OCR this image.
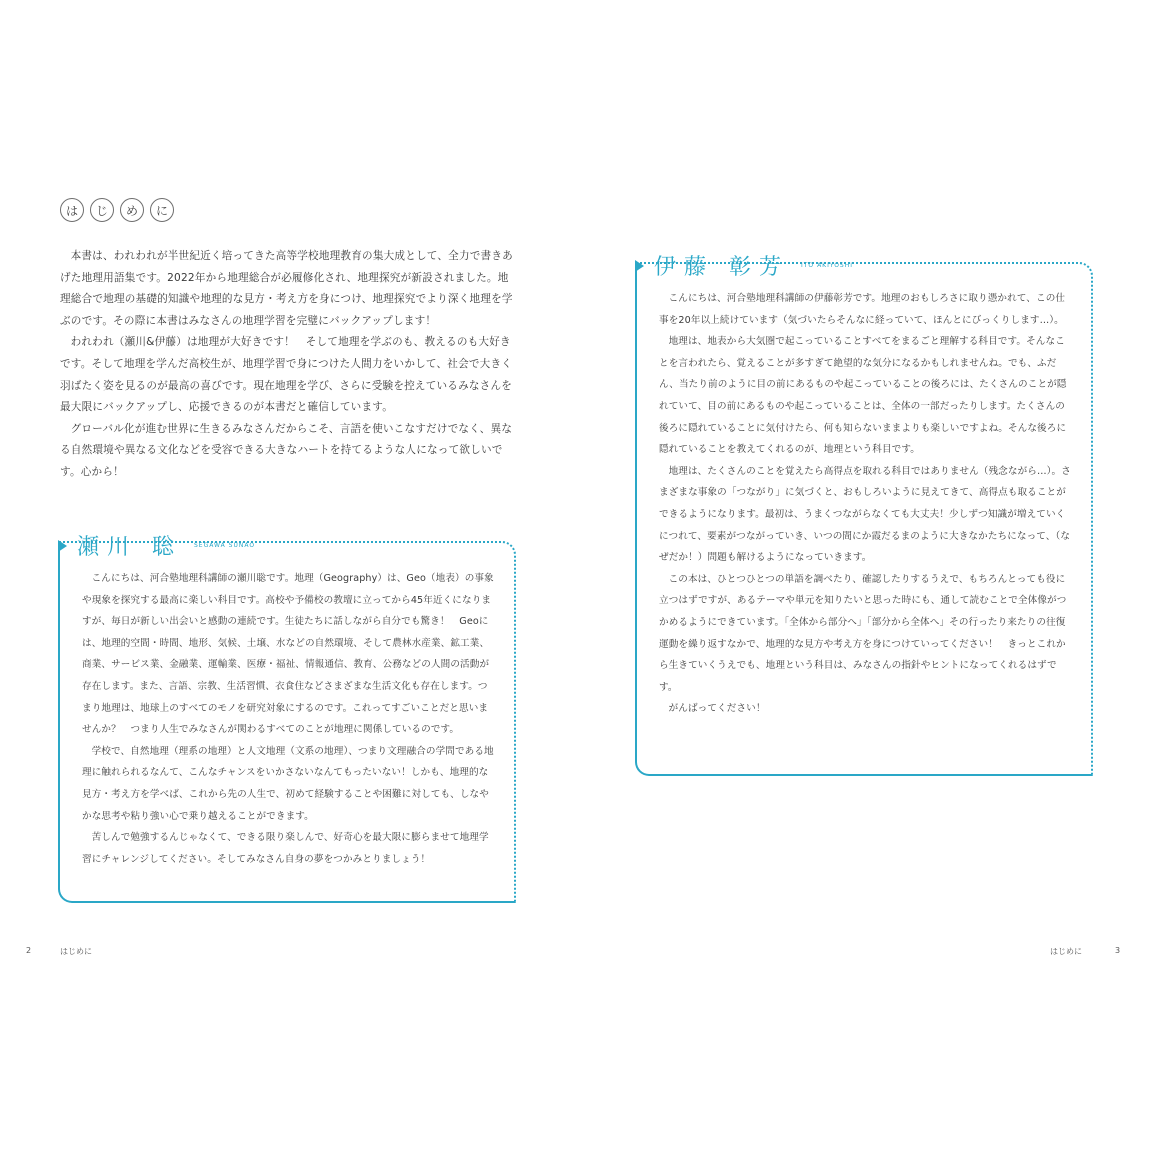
は	じ	め	に

本書は、われわれが半世紀近く培ってきた高等学校地理教育の集大成として、全力で書きあげた地理用語集です。2022年から地理総合が必履修化され、地理探究が新設されました。地理総合で地理の基礎的知識や地理的な見方・考え方を身につけ、地理探究でより深く地理を学ぶのです。その際に本書はみなさんの地理学習を完璧にバックアップします！

われわれ（瀬川&伊藤）は地理が大好きです！　そして地理を学ぶのも、教えるのも大好きです。そして地理を学んだ高校生が、地理学習で身につけた人間力をいかして、社会で大きく羽ばたく姿を見るのが最高の喜びです。現在地理を学び、さらに受験を控えているみなさんを最大限にバックアップし、応援できるのが本書だと確信しています。

グローバル化が進む世界に生きるみなさんだからこそ、言語を使いこなすだけでなく、異なる自然環境や異なる文化などを受容できる大きなハートを持てるような人になって欲しいです。心から！

瀬川 聡 SEGAWA SUNAO

こんにちは、河合塾地理科講師の瀬川聡です。地理（Geography）は、Geo（地表）の事象や現象を探究する最高に楽しい科目です。高校や予備校の教壇に立ってから45年近くになりますが、毎日が新しい出会いと感動の連続です。生徒たちに話しながら自分でも驚き！　Geoには、地理的空間・時間、地形、気候、土壌、水などの自然環境、そして農林水産業、鉱工業、商業、サービス業、金融業、運輸業、医療・福祉、情報通信、教育、公務などの人間の活動が存在します。また、言語、宗教、生活習慣、衣食住などさまざまな生活文化も存在します。つまり地理は、地球上のすべてのモノを研究対象にするのです。これってすごいことだと思いませんか？　つまり人生でみなさんが関わるすべてのことが地理に関係しているのです。

学校で、自然地理（理系の地理）と人文地理（文系の地理）、つまり文理融合の学問である地理に触れられるなんて、こんなチャンスをいかさないなんてもったいない！しかも、地理的な見方・考え方を学べば、これから先の人生で、初めて経験することや困難に対しても、しなやかな思考や粘り強い心で乗り越えることができます。

苦しんで勉強するんじゃなくて、できる限り楽しんで、好奇心を最大限に膨らませて地理学習にチャレンジしてください。そしてみなさん自身の夢をつかみとりましょう！

2	はじめに
伊藤 彰芳 ITO AKIYOSHI

こんにちは、河合塾地理科講師の伊藤彰芳です。地理のおもしろさに取り憑かれて、この仕事を20年以上続けています（気づいたらそんなに経っていて、ほんとにびっくりします…）。

地理は、地表から大気圏で起こっていることすべてをまるごと理解する科目です。そんなことを言われたら、覚えることが多すぎて絶望的な気分になるかもしれませんね。でも、ふだん、当たり前のように目の前にあるものや起こっていることの後ろには、たくさんのことが隠れていて、目の前にあるものや起こっていることは、全体の一部だったりします。たくさんの後ろに隠れていることに気付けたら、何も知らないままよりも楽しいですよね。そんな後ろに隠れていることを教えてくれるのが、地理という科目です。

地理は、たくさんのことを覚えたら高得点を取れる科目ではありません（残念ながら…）。さまざまな事象の「つながり」に気づくと、おもしろいように見えてきて、高得点も取ることができるようになります。最初は、うまくつながらなくても大丈夫！少しずつ知識が増えていくにつれて、要素がつながっていき、いつの間にか霞だるまのように大きなかたちになって、（なぜだか！）問題も解けるようになっていきます。

この本は、ひとつひとつの単語を調べたり、確認したりするうえで、もちろんとっても役に立つはずですが、あるテーマや単元を知りたいと思った時にも、通して読むことで全体像がつかめるようにできています。「全体から部分へ」「部分から全体へ」その行ったり来たりの往復運動を繰り返すなかで、地理的な見方や考え方を身につけていってください！　きっとこれから生きていくうえでも、地理という科目は、みなさんの指針やヒントになってくれるはずです。

がんばってください！

はじめに	3
